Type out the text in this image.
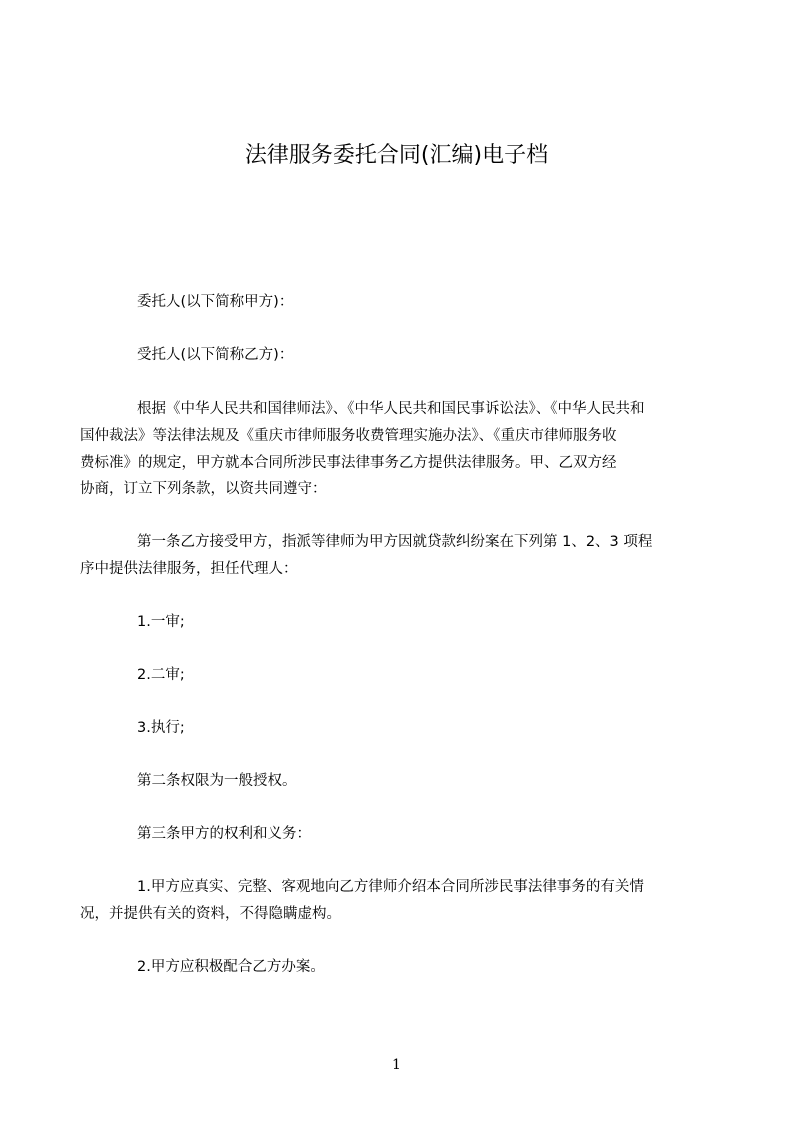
法律服务委托合同(汇编)电子档
委托人(以下简称甲方)：
受托人(以下简称乙方)：
根据《中华人民共和国律师法》、《中华人民共和国民事诉讼法》、《中华人民共和
国仲裁法》等法律法规及《重庆市律师服务收费管理实施办法》、《重庆市律师服务收
费标准》的规定，甲方就本合同所涉民事法律事务乙方提供法律服务。甲、乙双方经
协商，订立下列条款，以资共同遵守：
第一条乙方接受甲方，指派等律师为甲方因就贷款纠纷案在下列第 1、2、3 项程
序中提供法律服务，担任代理人：
1.一审;
2.二审;
3.执行;
第二条权限为一般授权。
第三条甲方的权利和义务：
1.甲方应真实、完整、客观地向乙方律师介绍本合同所涉民事法律事务的有关情
况，并提供有关的资料，不得隐瞒虚构。
2.甲方应积极配合乙方办案。
1
